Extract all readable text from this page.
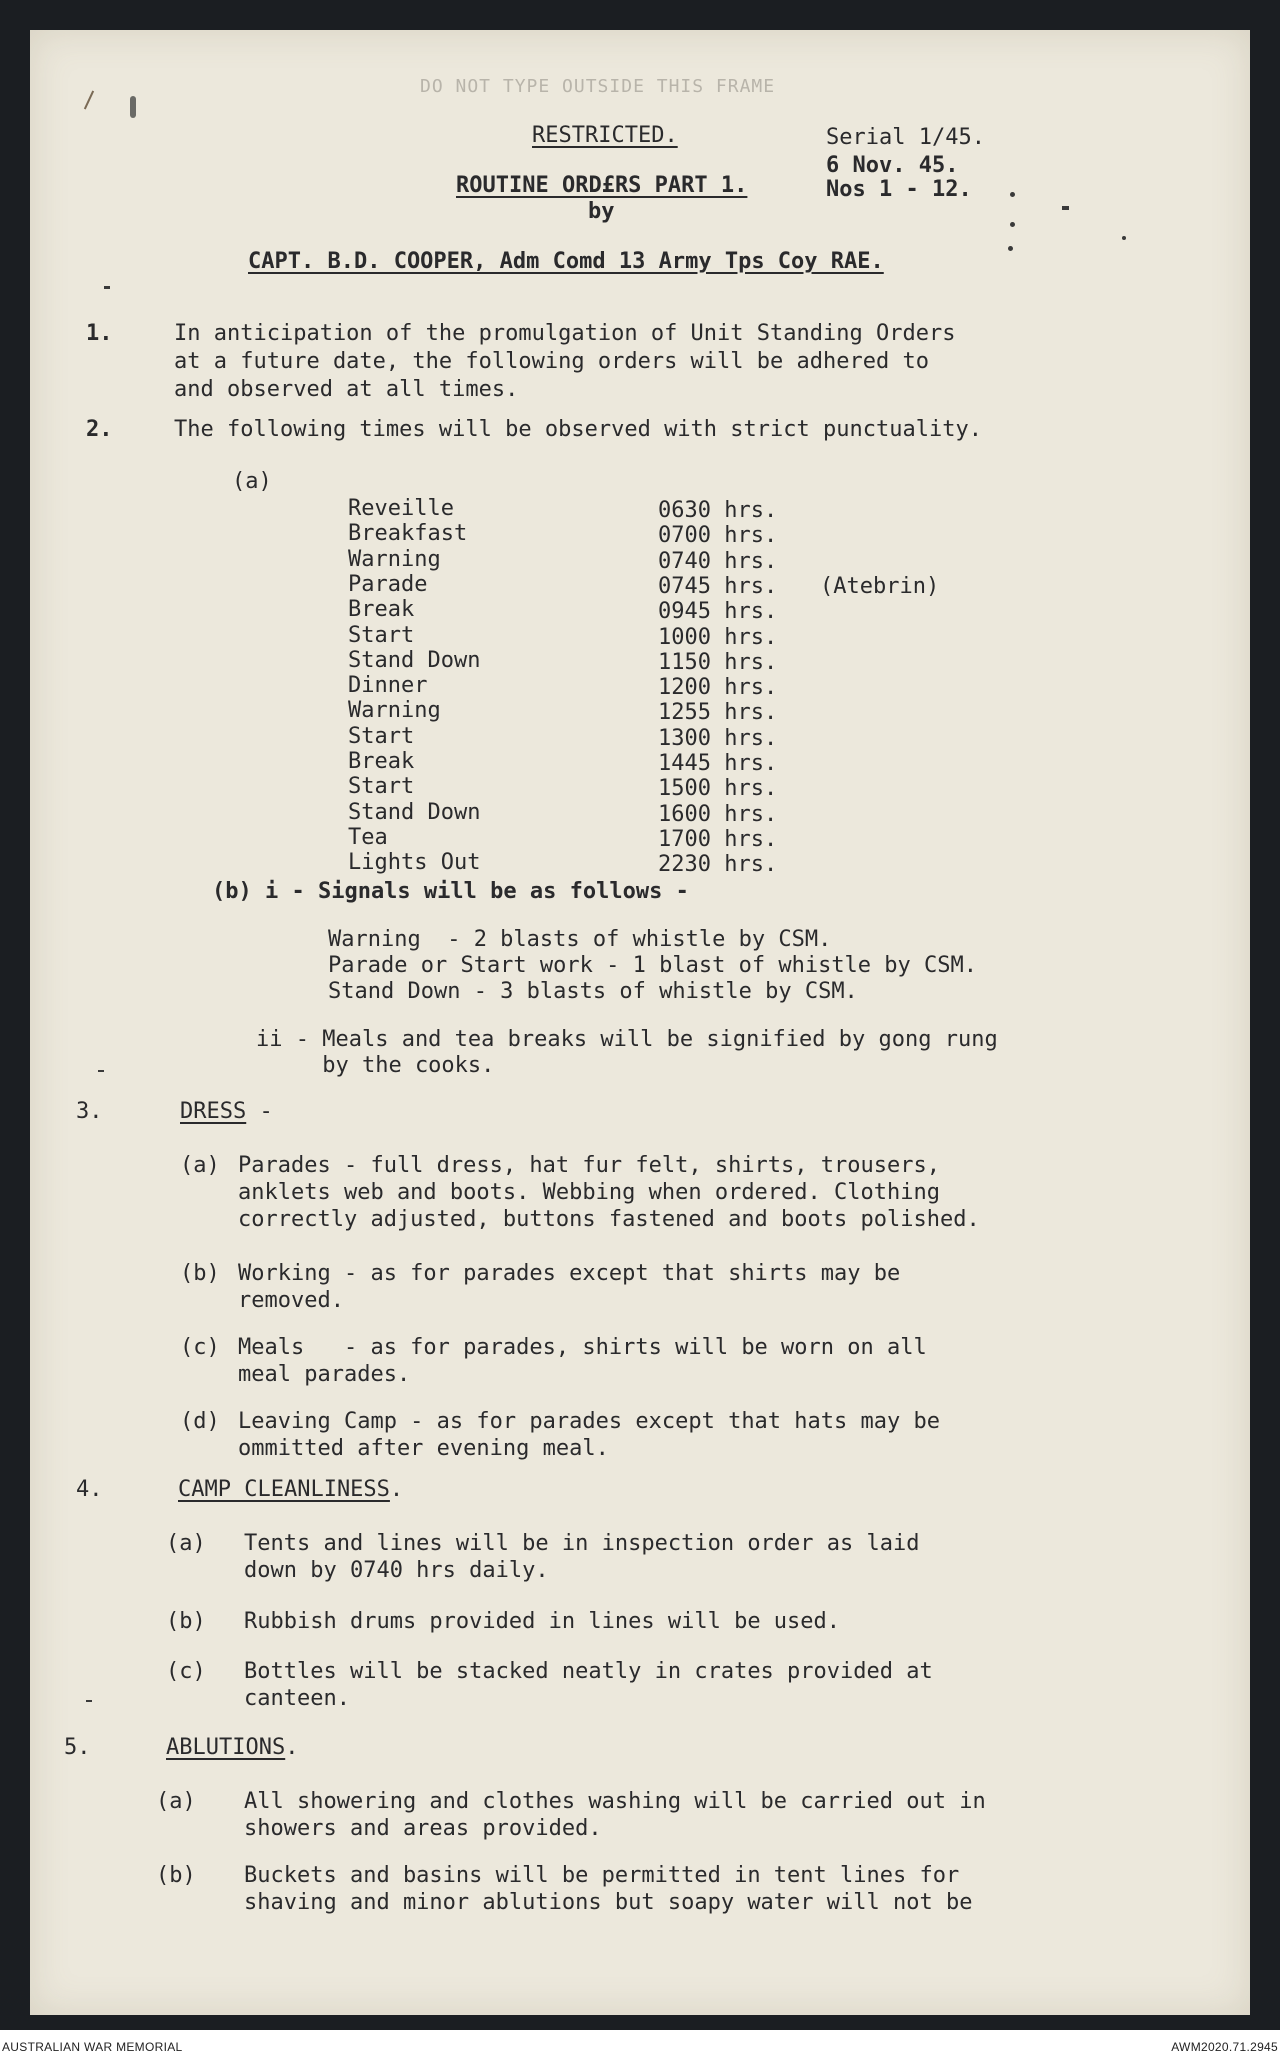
DO NOT TYPE OUTSIDE THIS FRAME
RESTRICTED.	Serial 1/45.
6 Nov. 45.
Nos 1 - 12.
ROUTINE ORD£RS PART 1.
by
CAPT. B.D. COOPER, Adm Comd 13 Army Tps Coy RAE.
1.	In anticipation of the promulgation of Unit Standing Orders
at a future date, the following orders will be adhered to
and observed at all times.
2.	The following times will be observed with strict punctuality.
(a)
Reveille	0630 hrs.
Breakfast	0700 hrs.
Warning	0740 hrs.
Parade	0745 hrs. (Atebrin)
Break	0945 hrs.
Start	1000 hrs.
Stand Down	1150 hrs.
Dinner	1200 hrs.
Warning	1255 hrs.
Start	1300 hrs.
Break	1445 hrs.
Start	1500 hrs.
Stand Down	1600 hrs.
Tea	1700 hrs.
Lights Out	2230 hrs.
(b) i - Signals will be as follows -
Warning  - 2 blasts of whistle by CSM.
Parade or Start work - 1 blast of whistle by CSM.
Stand Down - 3 blasts of whistle by CSM.
ii - Meals and tea breaks will be signified by gong rung
by the cooks.
3.	DRESS -
(a) Parades - full dress, hat fur felt, shirts, trousers,
anklets web and boots. Webbing when ordered. Clothing
correctly adjusted, buttons fastened and boots polished.
(b) Working - as for parades except that shirts may be
removed.
(c) Meals   - as for parades, shirts will be worn on all
meal parades.
(d) Leaving Camp - as for parades except that hats may be
ommitted after evening meal.
4.	CAMP CLEANLINESS.
(a) Tents and lines will be in inspection order as laid
down by 0740 hrs daily.
(b) Rubbish drums provided in lines will be used.
(c) Bottles will be stacked neatly in crates provided at
canteen.
5.	ABLUTIONS.
(a) All showering and clothes washing will be carried out in
showers and areas provided.
(b) Buckets and basins will be permitted in tent lines for
shaving and minor ablutions but soapy water will not be
AUSTRALIAN WAR MEMORIAL	AWM2020.71.2945
